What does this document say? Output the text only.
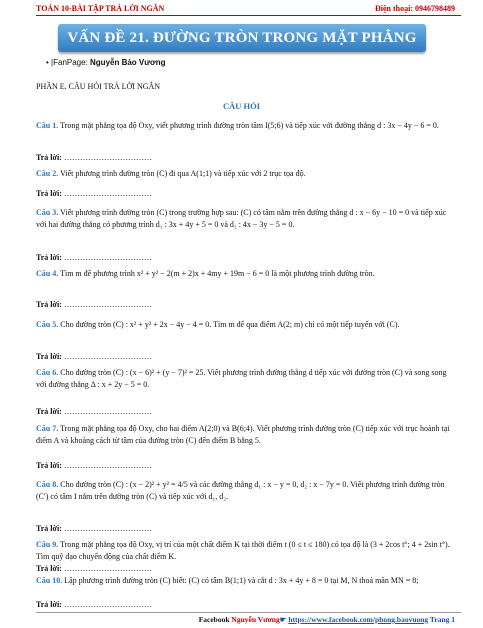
TOÁN 10-BÀI TẬP TRẢ LỜI NGẮN	Điện thoại: 0946798489
VẤN ĐỀ 21. ĐƯỜNG TRÒN TRONG MẶT PHẲNG
• |FanPage: Nguyễn Bảo Vương
PHẦN E. CÂU HỎI TRẢ LỜI NGẮN
CÂU HỎI
Câu 1. Trong mặt phẳng tọa độ Oxy, viết phương trình đường tròn tâm I(5;6) và tiếp xúc với đường thẳng d : 3x − 4y − 6 = 0.
Trả lời: ……………………………
Câu 2. Viết phương trình đường tròn (C) đi qua A(1;1) và tiếp xúc với 2 trục tọa độ.
Trả lời: ……………………………
Câu 3. Viết phương trình đường tròn (C) trong trường hợp sau: (C) có tâm nằm trên đường thẳng d : x − 6y − 10 = 0 và tiếp xúc với hai đường thẳng có phương trình d₁ : 3x + 4y + 5 = 0 và d₂ : 4x − 3y − 5 = 0.
Trả lời: ……………………………
Câu 4. Tìm m để phương trình x² + y² − 2(m + 2)x + 4my + 19m − 6 = 0 là một phương trình đường tròn.
Trả lời: ……………………………
Câu 5. Cho đường tròn (C) : x² + y² + 2x − 4y − 4 = 0. Tìm m để qua điểm A(2; m) chỉ có một tiếp tuyến với (C).
Trả lời: ……………………………
Câu 6. Cho đường tròn (C) : (x − 6)² + (y − 7)² = 25. Viết phương trình đường thẳng d tiếp xúc với đường tròn (C) và song song với đường thẳng Δ : x + 2y − 5 = 0.
Trả lời: ……………………………
Câu 7. Trong mặt phẳng tọa độ Oxy, cho hai điểm A(2;0) và B(6;4). Viết phương trình đường tròn (C) tiếp xúc với trục hoành tại điểm A và khoảng cách từ tâm của đường tròn (C) đến điểm B bằng 5.
Trả lời: ……………………………
Câu 8. Cho đường tròn (C) : (x − 2)² + y² = 4/5 và các đường thẳng d₁ : x − y = 0, d₂ : x − 7y = 0. Viết phương trình đường tròn (C′) có tâm I nằm trên đường tròn (C) và tiếp xúc với d₁, d₂.
Trả lời: ……………………………
Câu 9. Trong mặt phẳng tọa độ Oxy, vị trí của một chất điểm K tại thời điểm t (0 ≤ t ≤ 180) có tọa độ là (3 + 2cos t°; 4 + 2sin t°). Tìm quỹ đạo chuyển động của chất điểm K.
Trả lời: ……………………………
Câu 10. Lập phương trình đường tròn (C) biết: (C) có tâm B(1;1) và cắt d : 3x + 4y + 8 = 0 tại M, N thoả mãn MN = 8;
Trả lời: ……………………………
Facebook Nguyễn Vương☛ https://www.facebook.com/phong.baovuong Trang 1
